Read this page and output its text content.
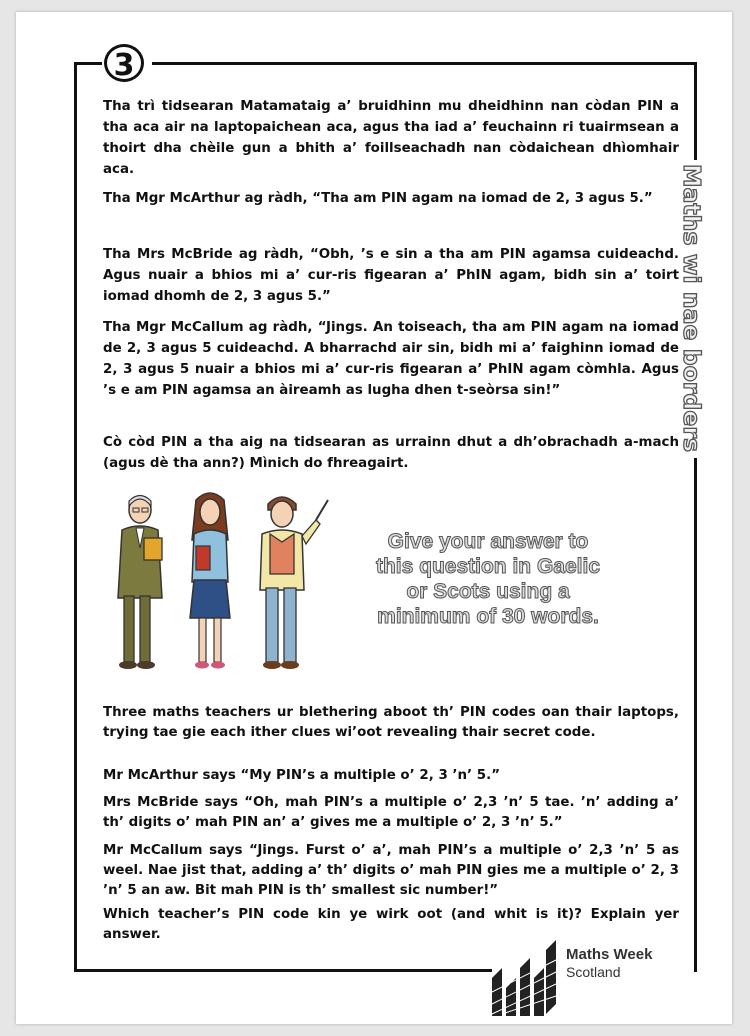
3
Maths wi nae borders

Tha trì tidsearan Matamataig a’ bruidhinn mu dheidhinn nan còdan PIN a tha aca air na laptopaichean aca, agus tha iad a’ feuchainn ri tuairmsean a thoirt dha chèile gun a bhith a’ foillseachadh nan còdaichean dhìomhair aca.

Tha Mgr McArthur ag ràdh, “Tha am PIN agam na iomad de 2, 3 agus 5.”

Tha Mrs McBride ag ràdh, “Obh, ’s e sin a tha am PIN agamsa cuideachd. Agus nuair a bhios mi a’ cur-ris figearan a’ PhIN agam, bidh sin a’ toirt iomad dhomh de 2, 3 agus 5.”

Tha Mgr McCallum ag ràdh, “Jings. An toiseach, tha am PIN agam na iomad de 2, 3 agus 5 cuideachd. A bharrachd air sin, bidh mi a’ faighinn iomad de 2, 3 agus 5 nuair a bhios mi a’ cur-ris figearan a’ PhIN agam còmhla. Agus ’s e am PIN agamsa an àireamh as lugha dhen t-seòrsa sin!”

Cò còd PIN a tha aig na tidsearan as urrainn dhut a dh’obrachadh a-mach (agus dè tha ann?) Mìnich do fhreagairt.

Give your answer to
this question in Gaelic
or Scots using a
minimum of 30 words.

Three maths teachers ur blethering aboot th’ PIN codes oan thair laptops, trying tae gie each ither clues wi’oot revealing thair secret code.

Mr McArthur says “My PIN’s a multiple o’ 2, 3 ’n’ 5.”

Mrs McBride says “Oh, mah PIN’s a multiple o’ 2,3 ’n’ 5 tae. ’n’ adding a’ th’ digits o’ mah PIN an’ a’ gives me a multiple o’ 2, 3 ’n’ 5.”

Mr McCallum says “Jings. Furst o’ a’, mah PIN’s a multiple o’ 2,3 ’n’ 5 as weel. Nae jist that, adding a’ th’ digits o’ mah PIN gies me a multiple o’ 2, 3 ’n’ 5 an aw. Bit mah PIN is th’ smallest sic number!”

Which teacher’s PIN code kin ye wirk oot (and whit is it)? Explain yer answer.

Maths Week
Scotland
